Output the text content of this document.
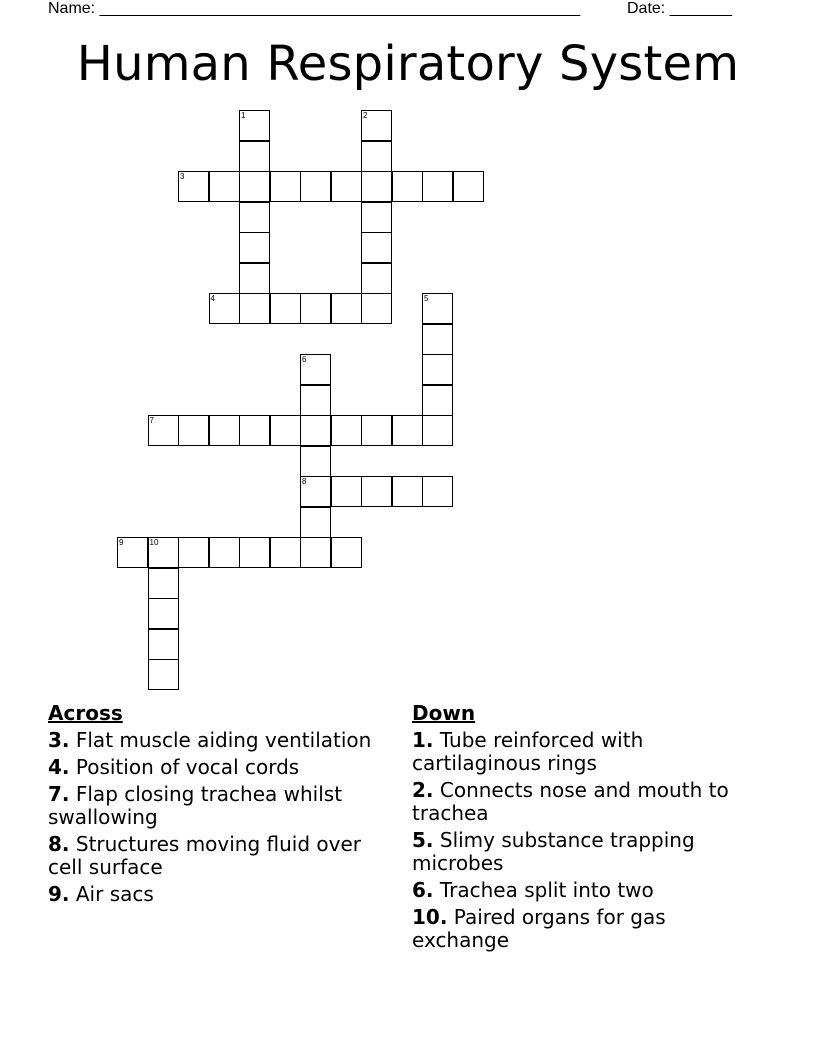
Name: ______________________________________________________	Date: _______
Human Respiratory System
1	2
3
4	5
6
8
7
9	10
Across
3. Flat muscle aiding ventilation
4. Position of vocal cords
7. Flap closing trachea whilst swallowing
8. Structures moving fluid over cell surface
9. Air sacs
Down
1. Tube reinforced with cartilaginous rings
2. Connects nose and mouth to trachea
5. Slimy substance trapping microbes
6. Trachea split into two
10. Paired organs for gas exchange
